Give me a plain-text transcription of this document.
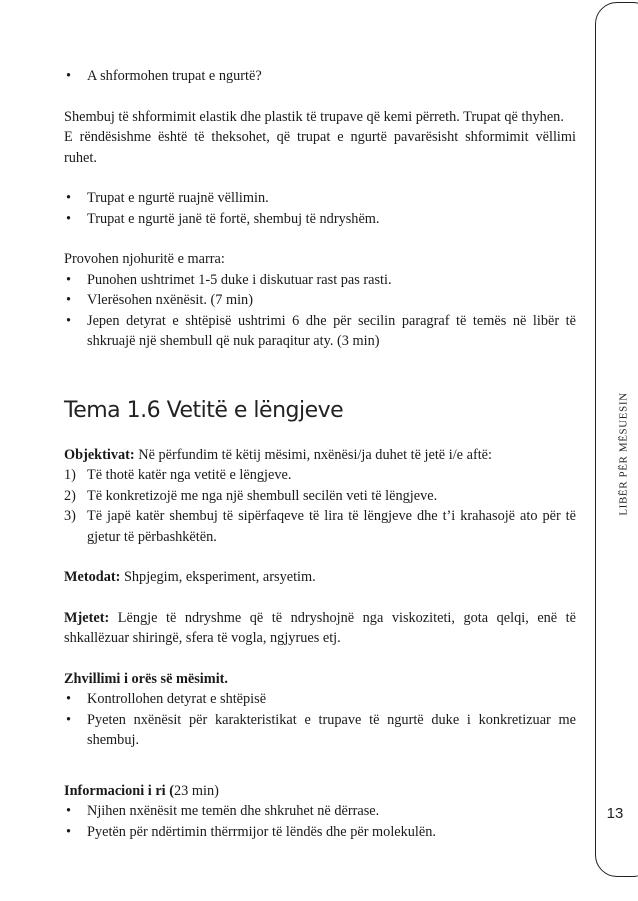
LIBËR PËR MËSUESIN
13
• A shformohen trupat e ngurtë?

Shembuj të shformimit elastik dhe plastik të trupave që kemi përreth. Trupat që thyhen.

E rëndësishme është të theksohet, që trupat e ngurtë pavarësisht shformimit vëllimi ruhet.

• Trupat e ngurtë ruajnë vëllimin.
• Trupat e ngurtë janë të fortë, shembuj të ndryshëm.

Provohen njohuritë e marra:

• Punohen ushtrimet 1-5 duke i diskutuar rast pas rasti.
• Vlerësohen nxënësit. (7 min)
• Jepen detyrat e shtëpisë ushtrimi 6 dhe për secilin paragraf të temës në libër të shkruajë një shembull që nuk paraqitur aty. (3 min)
Tema 1.6 Vetitë e lëngjeve

Objektivat: Në përfundim të këtij mësimi, nxënësi/ja duhet të jetë i/e aftë:

1) Të thotë katër nga vetitë e lëngjeve.
2) Të konkretizojë me nga një shembull secilën veti të lëngjeve.
3) Të japë katër shembuj të sipërfaqeve të lira të lëngjeve dhe t’i krahasojë ato për të gjetur të përbashkëtën.

Metodat: Shpjegim, eksperiment, arsyetim.

Mjetet: Lëngje të ndryshme që të ndryshojnë nga viskoziteti, gota qelqi, enë të shkallëzuar shiringë, sfera të vogla, ngjyrues etj.

Zhvillimi i orës së mësimit.

• Kontrollohen detyrat e shtëpisë
• Pyeten nxënësit për karakteristikat e trupave të ngurtë duke i konkretizuar me shembuj.

Informacioni i ri (23 min)

• Njihen nxënësit me temën dhe shkruhet në dërrase.
• Pyetën për ndërtimin thërrmijor të lëndës dhe për molekulën.
